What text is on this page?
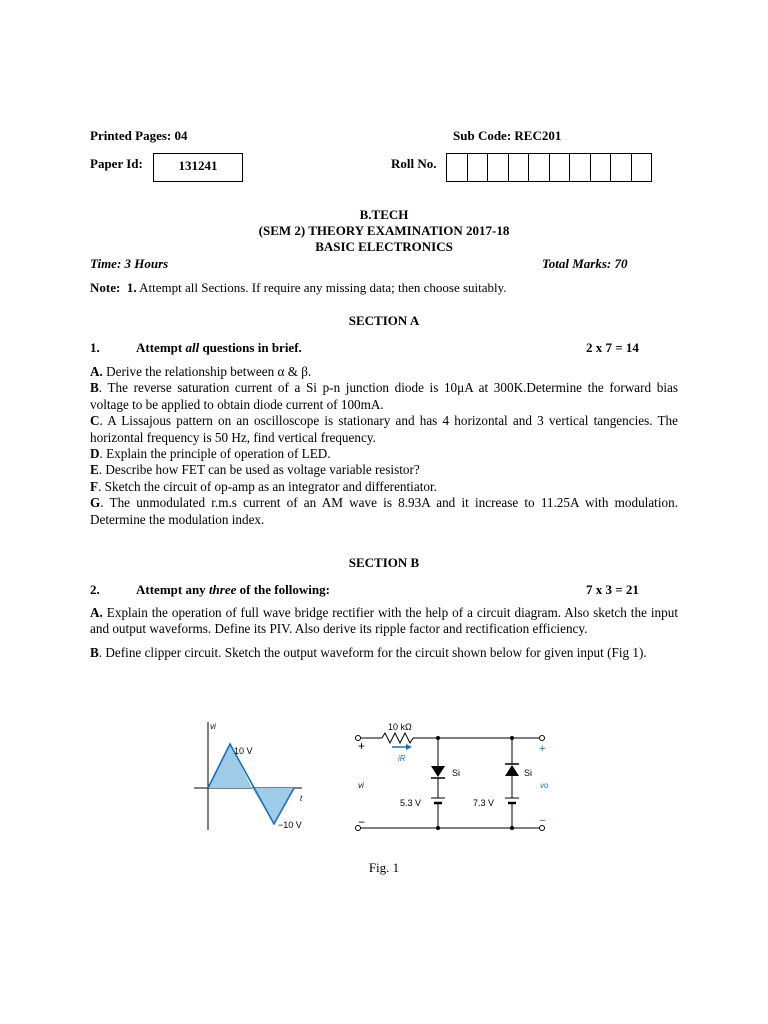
Printed Pages: 04	Sub Code: REC201
Paper Id:	131241	Roll No.
B.TECH
(SEM 2) THEORY EXAMINATION 2017-18
BASIC ELECTRONICS
Time: 3 Hours	Total Marks: 70
Note: 1. Attempt all Sections. If require any missing data; then choose suitably.
SECTION A
1.	Attempt all questions in brief.	2 x 7 = 14

A. Derive the relationship between α & β.

B. The reverse saturation current of a Si p-n junction diode is 10μA at 300K.Determine the forward bias voltage to be applied to obtain diode current of 100mA.

C. A Lissajous pattern on an oscilloscope is stationary and has 4 horizontal and 3 vertical tangencies. The horizontal frequency is 50 Hz, find vertical frequency.

D. Explain the principle of operation of LED.

E. Describe how FET can be used as voltage variable resistor?

F. Sketch the circuit of op-amp as an integrator and differentiator.

G. The unmodulated r.m.s current of an AM wave is 8.93A and it increase to 11.25A with modulation. Determine the modulation index.

SECTION B
2.	Attempt any three of the following:	7 x 3 = 21

A. Explain the operation of full wave bridge rectifier with the help of a circuit diagram. Also sketch the input and output waveforms. Define its PIV. Also derive its ripple factor and rectification efficiency.

B. Define clipper circuit. Sketch the output waveform for the circuit shown below for given input (Fig 1).

vi
10 V
t
−10 V
10 kΩ
iR
+
−
vi
Si	Si
5.3 V	7.3 V
+
−
vo
Fig. 1
